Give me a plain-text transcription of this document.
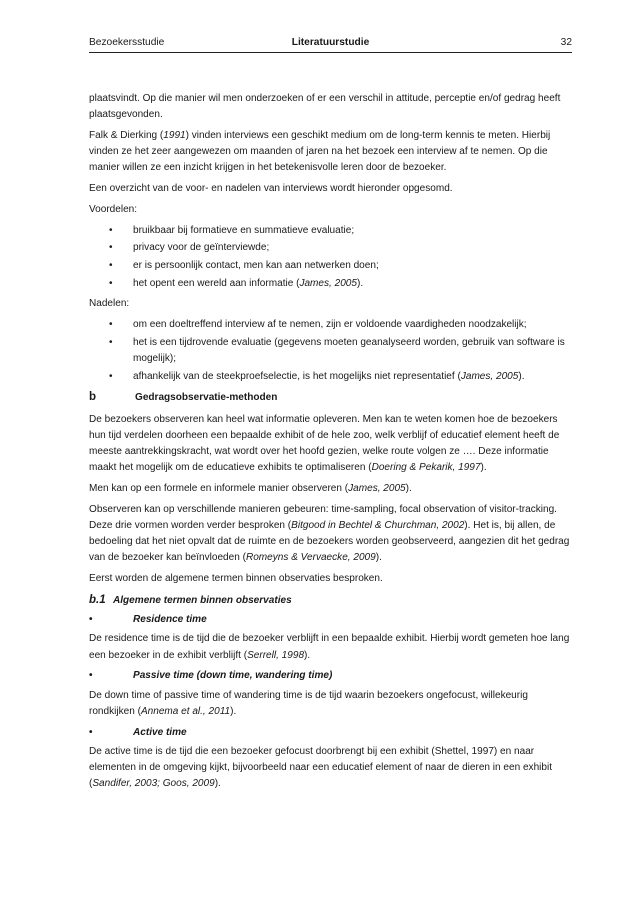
Bezoekersstudie	Literatuurstudie	32

plaatsvindt. Op die manier wil men onderzoeken of er een verschil in attitude, perceptie en/of gedrag heeft plaatsgevonden.

Falk & Dierking (1991) vinden interviews een geschikt medium om de long-term kennis te meten. Hierbij vinden ze het zeer aangewezen om maanden of jaren na het bezoek een interview af te nemen. Op die manier willen ze een inzicht krijgen in het betekenisvolle leren door de bezoeker.

Een overzicht van de voor- en nadelen van interviews wordt hieronder opgesomd.

Voordelen:

• bruikbaar bij formatieve en summatieve evaluatie;
• privacy voor de geïnterviewde;
• er is persoonlijk contact, men kan aan netwerken doen;
• het opent een wereld aan informatie (James, 2005).

Nadelen:

• om een doeltreffend interview af te nemen, zijn er voldoende vaardigheden noodzakelijk;
• het is een tijdrovende evaluatie (gegevens moeten geanalyseerd worden, gebruik van software is mogelijk);
• afhankelijk van de steekproefselectie, is het mogelijks niet representatief (James, 2005).
b	Gedragsobservatie-methoden

De bezoekers observeren kan heel wat informatie opleveren. Men kan te weten komen hoe de bezoekers hun tijd verdelen doorheen een bepaalde exhibit of de hele zoo, welk verblijf of educatief element heeft de meeste aantrekkingskracht, wat wordt over het hoofd gezien, welke route volgen ze …. Deze informatie maakt het mogelijk om de educatieve exhibits te optimaliseren (Doering & Pekarik, 1997).

Men kan op een formele en informele manier observeren (James, 2005).

Observeren kan op verschillende manieren gebeuren: time-sampling, focal observation of visitor-tracking. Deze drie vormen worden verder besproken (Bitgood in Bechtel & Churchman, 2002). Het is, bij allen, de bedoeling dat het niet opvalt dat de ruimte en de bezoekers worden geobserveerd, aangezien dit het gedrag van de bezoeker kan beïnvloeden (Romeyns & Vervaecke, 2009).

Eerst worden de algemene termen binnen observaties besproken.

b.1 Algemene termen binnen observaties
•	Residence time

De residence time is de tijd die de bezoeker verblijft in een bepaalde exhibit. Hierbij wordt gemeten hoe lang een bezoeker in de exhibit verblijft (Serrell, 1998).

•	Passive time (down time, wandering time)

De down time of passive time of wandering time is de tijd waarin bezoekers ongefocust, willekeurig rondkijken (Annema et al., 2011).

•	Active time

De active time is de tijd die een bezoeker gefocust doorbrengt bij een exhibit (Shettel, 1997) en naar elementen in de omgeving kijkt, bijvoorbeeld naar een educatief element of naar de dieren in een exhibit (Sandifer, 2003; Goos, 2009).
